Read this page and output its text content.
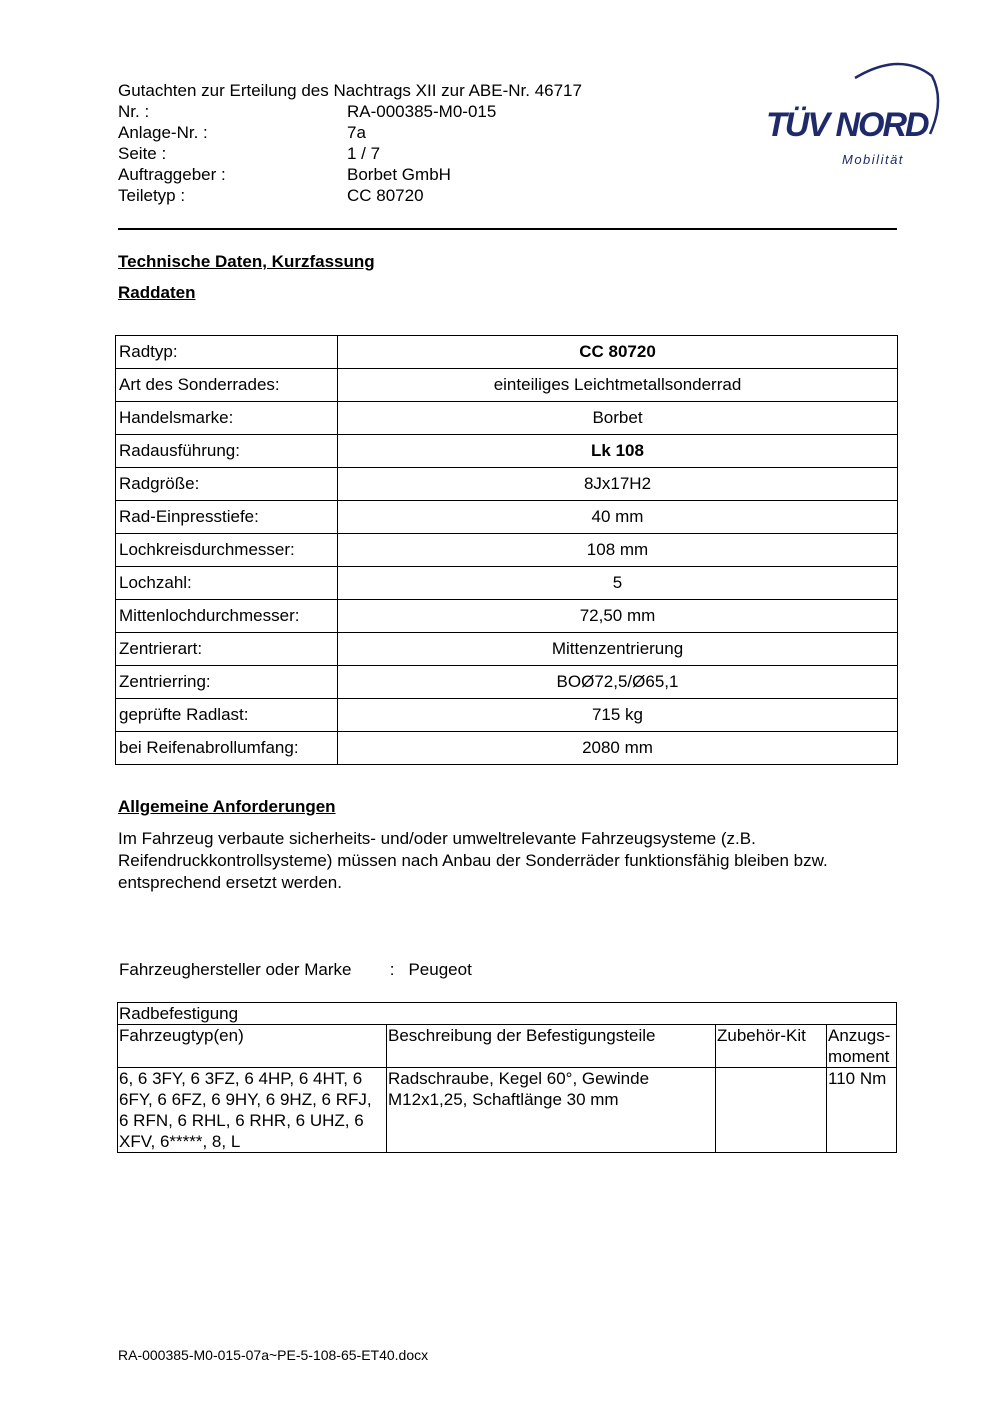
Gutachten zur Erteilung des Nachtrags XII zur ABE-Nr. 46717
Nr. :	RA-000385-M0-015
Anlage-Nr. :	7a
Seite :	1 / 7
Auftraggeber :	Borbet GmbH
Teiletyp :	CC 80720
TÜV NORD
Mobilität
Technische Daten, Kurzfassung
Raddaten
Radtyp:	CC 80720
Art des Sonderrades:	einteiliges Leichtmetallsonderrad
Handelsmarke:	Borbet
Radausführung:	Lk 108
Radgröße:	8Jx17H2
Rad-Einpresstiefe:	40 mm
Lochkreisdurchmesser:	108 mm
Lochzahl:	5
Mittenlochdurchmesser:	72,50 mm
Zentrierart:	Mittenzentrierung
Zentrierring:	BOØ72,5/Ø65,1
geprüfte Radlast:	715 kg
bei Reifenabrollumfang:	2080 mm
Allgemeine Anforderungen
Im Fahrzeug verbaute sicherheits- und/oder umweltrelevante Fahrzeugsysteme (z.B. Reifendruckkontrollsysteme) müssen nach Anbau der Sonderräder funktionsfähig bleiben bzw. entsprechend ersetzt werden.
Fahrzeughersteller oder Marke : Peugeot
Radbefestigung			
Fahrzeugtyp(en)	Beschreibung der Befestigungsteile	Zubehör-Kit	Anzugs-moment
6, 6 3FY, 6 3FZ, 6 4HP, 6 4HT, 6 6FY, 6 6FZ, 6 9HY, 6 9HZ, 6 RFJ, 6 RFN, 6 RHL, 6 RHR, 6 UHZ, 6 XFV, 6*****, 8, L	Radschraube, Kegel 60°, Gewinde M12x1,25, Schaftlänge 30 mm		110 Nm
RA-000385-M0-015-07a~PE-5-108-65-ET40.docx
